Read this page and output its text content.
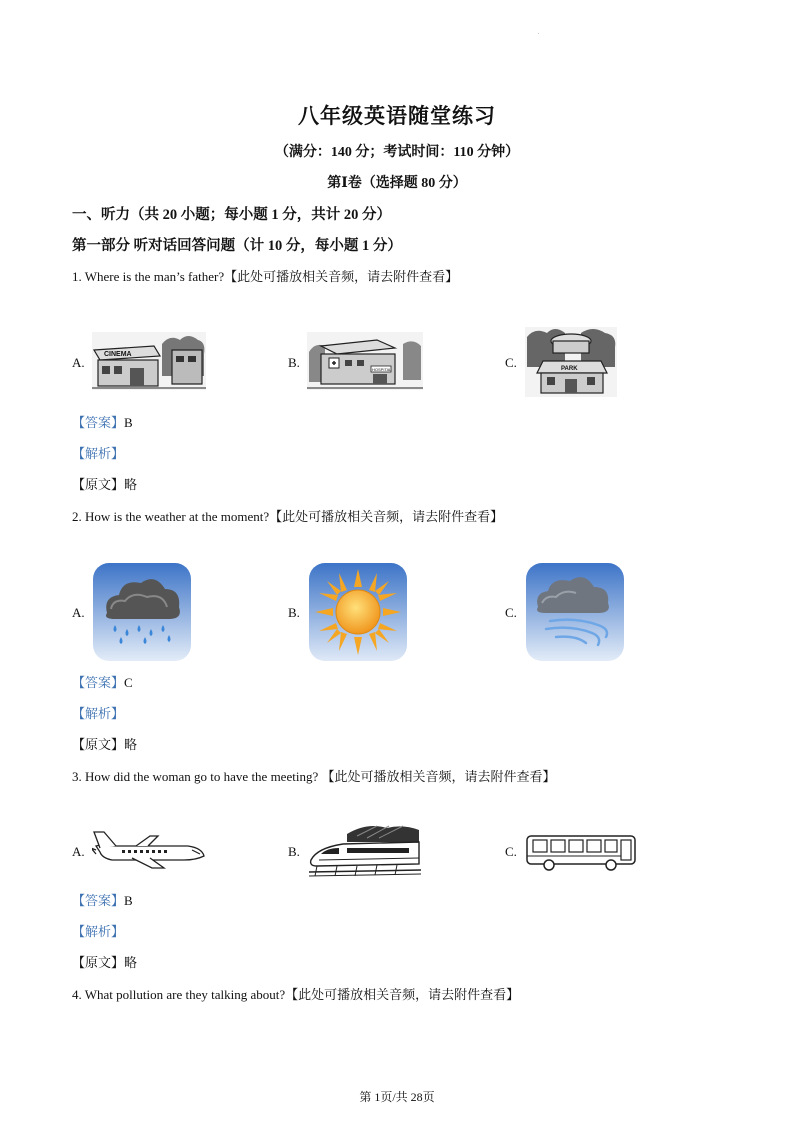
.
八年级英语随堂练习
（满分：140 分；考试时间：110 分钟）
第Ⅰ卷（选择题 80 分）
一、听力（共 20 小题；每小题 1 分，共计 20 分）
第一部分 听对话回答问题（计 10 分，每小题 1 分）
1. Where is the man’s father?【此处可播放相关音频，请去附件查看】
A.
CINEMA
B.	HOSPITAL	C.	PARK
【答案】B
【解析】
【原文】略
2. How is the weather at the moment?【此处可播放相关音频，请去附件查看】
A.	B.	C.
【答案】C
【解析】
【原文】略
3. How did the woman go to have the meeting? 【此处可播放相关音频，请去附件查看】
A.	B.	C.
【答案】B
【解析】
【原文】略
4. What pollution are they talking about?【此处可播放相关音频，请去附件查看】
第 1页/共 28页
